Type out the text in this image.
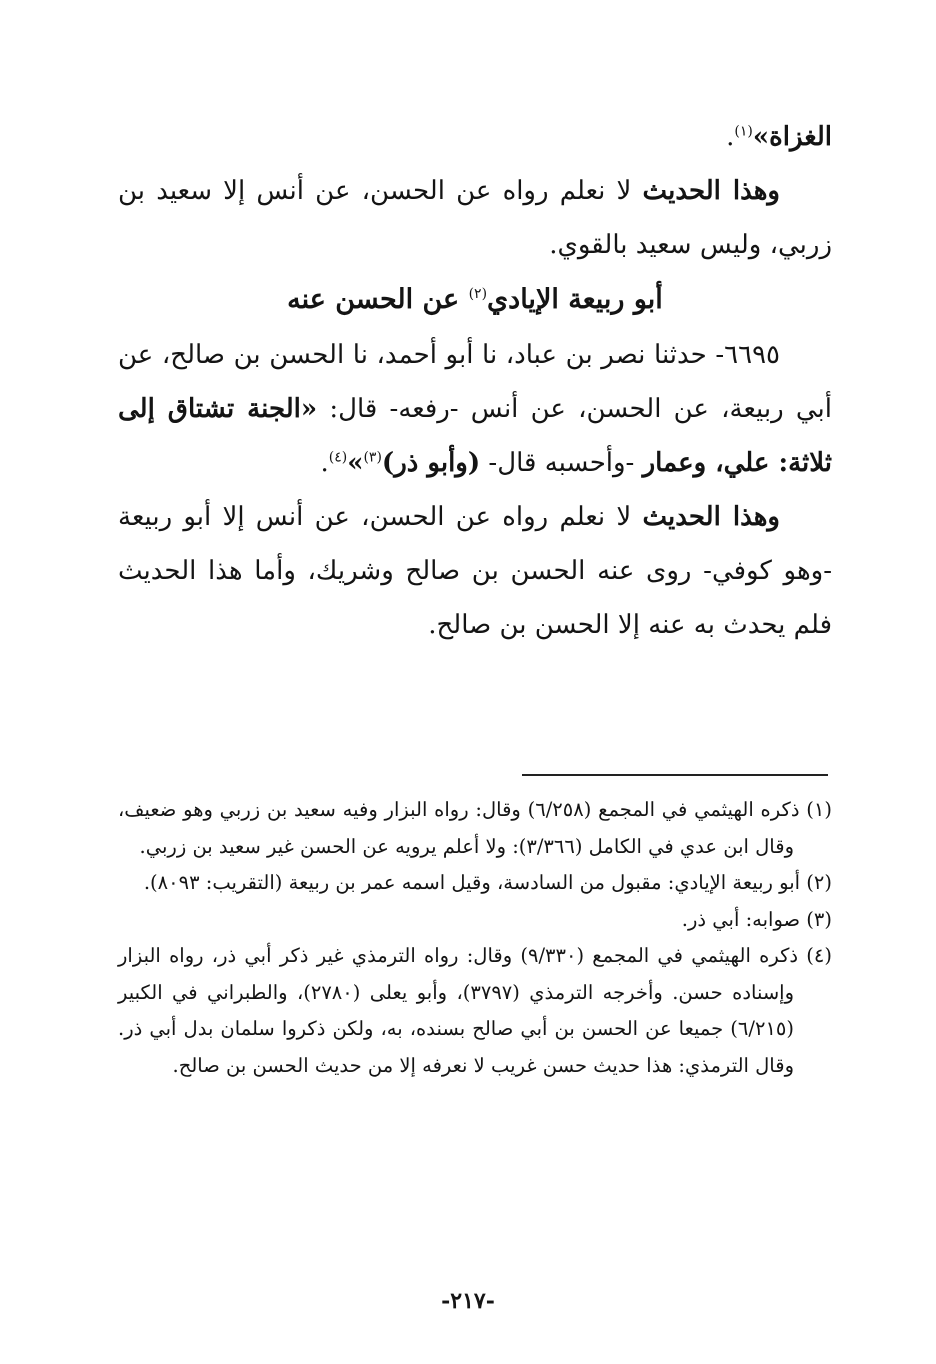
الغزاة»$^{(١)}$.

وهذا الحديث لا نعلم رواه عن الحسن، عن أنس إلا سعيد بن زربي، وليس سعيد بالقوي.

أبو ربيعة الإيادي$^{(٢)}$ عن الحسن عنه

٦٦٩٥- حدثنا نصر بن عباد، نا أبو أحمد، نا الحسن بن صالح، عن أبي ربيعة، عن الحسن، عن أنس -رفعه- قال: «الجنة تشتاق إلى ثلاثة: علي، وعمار -وأحسبه قال- (وأبو ذر)$^{(٣)}$»$^{(٤)}$.

وهذا الحديث لا نعلم رواه عن الحسن، عن أنس إلا أبو ربيعة -وهو كوفي- روى عنه الحسن بن صالح وشريك، وأما هذا الحديث فلم يحدث به عنه إلا الحسن بن صالح.

(١) ذكره الهيثمي في المجمع (٦/٢٥٨) وقال: رواه البزار وفيه سعيد بن زربي وهو ضعيف، وقال ابن عدي في الكامل (٣/٣٦٦): ولا أعلم يرويه عن الحسن غير سعيد بن زربي.

(٢) أبو ربيعة الإيادي: مقبول من السادسة، وقيل اسمه عمر بن ربيعة (التقريب: ٨٠٩٣).

(٣) صوابه: أبي ذر.

(٤) ذكره الهيثمي في المجمع (٩/٣٣٠) وقال: رواه الترمذي غير ذكر أبي ذر، رواه البزار وإسناده حسن. وأخرجه الترمذي (٣٧٩٧)، وأبو يعلى (٢٧٨٠)، والطبراني في الكبير (٦/٢١٥) جميعا عن الحسن بن أبي صالح بسنده، به، ولكن ذكروا سلمان بدل أبي ذر. وقال الترمذي: هذا حديث حسن غريب لا نعرفه إلا من حديث الحسن بن صالح.

-٢١٧-
